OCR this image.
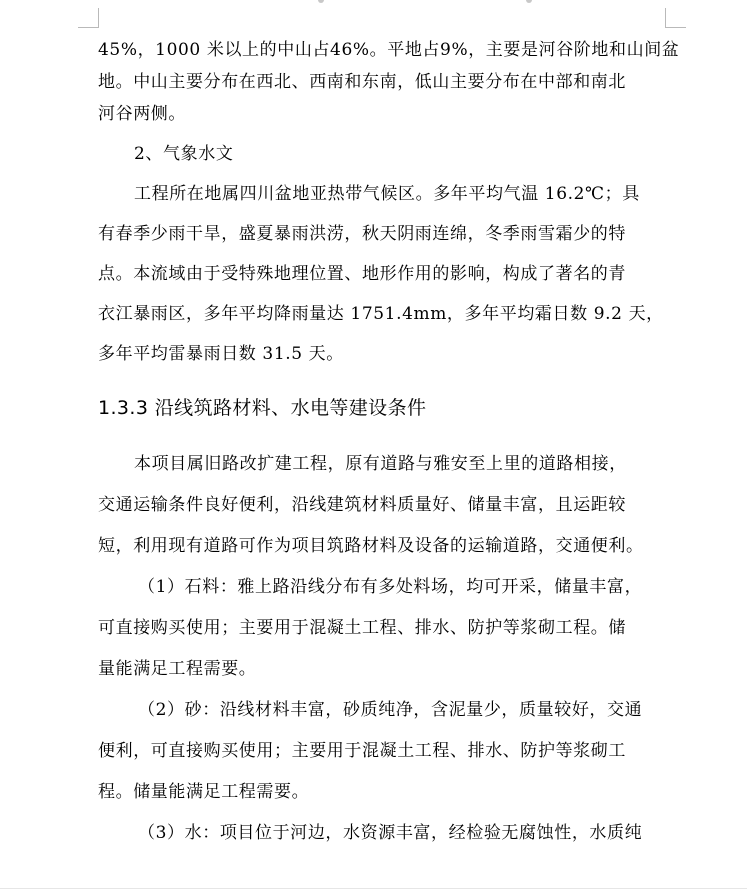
45%，1000 米以上的中山占46%。平地占9%，主要是河谷阶地和山间盆
地。中山主要分布在西北、西南和东南，低山主要分布在中部和南北
河谷两侧。
2、气象水文
工程所在地属四川盆地亚热带气候区。多年平均气温 16.2℃；具
有春季少雨干旱，盛夏暴雨洪涝，秋天阴雨连绵，冬季雨雪霜少的特
点。本流域由于受特殊地理位置、地形作用的影响，构成了著名的青
衣江暴雨区，多年平均降雨量达 1751.4mm，多年平均霜日数 9.2 天，
多年平均雷暴雨日数 31.5 天。
1.3.3 沿线筑路材料、水电等建设条件
本项目属旧路改扩建工程，原有道路与雅安至上里的道路相接，
交通运输条件良好便利，沿线建筑材料质量好、储量丰富，且运距较
短，利用现有道路可作为项目筑路材料及设备的运输道路，交通便利。
（1）石料：雅上路沿线分布有多处料场，均可开采，储量丰富，
可直接购买使用；主要用于混凝土工程、排水、防护等浆砌工程。储
量能满足工程需要。
（2）砂：沿线材料丰富，砂质纯净，含泥量少，质量较好，交通
便利，可直接购买使用；主要用于混凝土工程、排水、防护等浆砌工
程。储量能满足工程需要。
（3）水：项目位于河边，水资源丰富，经检验无腐蚀性，水质纯
